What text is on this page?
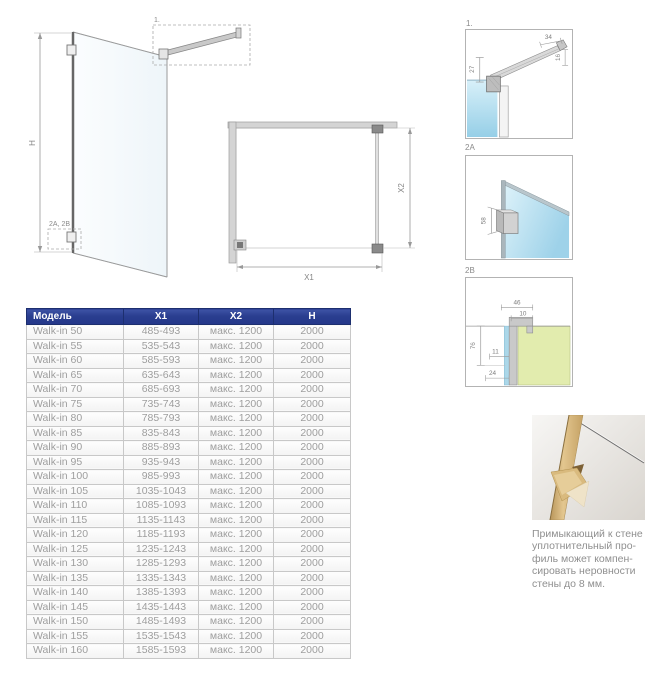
H
1.
2A, 2B
X2
X1
1.
27
34
16
2A
58
2B
46
10
76
11
24
Примыкающий к стене
уплотнительный про-
филь может компен-
сировать неровности
стены до 8 мм.
Модель	X1	X2	H
Walk-in 50	485-493	макс. 1200	2000
Walk-in 55	535-543	макс. 1200	2000
Walk-in 60	585-593	макс. 1200	2000
Walk-in 65	635-643	макс. 1200	2000
Walk-in 70	685-693	макс. 1200	2000
Walk-in 75	735-743	макс. 1200	2000
Walk-in 80	785-793	макс. 1200	2000
Walk-in 85	835-843	макс. 1200	2000
Walk-in 90	885-893	макс. 1200	2000
Walk-in 95	935-943	макс. 1200	2000
Walk-in 100	985-993	макс. 1200	2000
Walk-in 105	1035-1043	макс. 1200	2000
Walk-in 110	1085-1093	макс. 1200	2000
Walk-in 115	1135-1143	макс. 1200	2000
Walk-in 120	1185-1193	макс. 1200	2000
Walk-in 125	1235-1243	макс. 1200	2000
Walk-in 130	1285-1293	макс. 1200	2000
Walk-in 135	1335-1343	макс. 1200	2000
Walk-in 140	1385-1393	макс. 1200	2000
Walk-in 145	1435-1443	макс. 1200	2000
Walk-in 150	1485-1493	макс. 1200	2000
Walk-in 155	1535-1543	макс. 1200	2000
Walk-in 160	1585-1593	макс. 1200	2000
